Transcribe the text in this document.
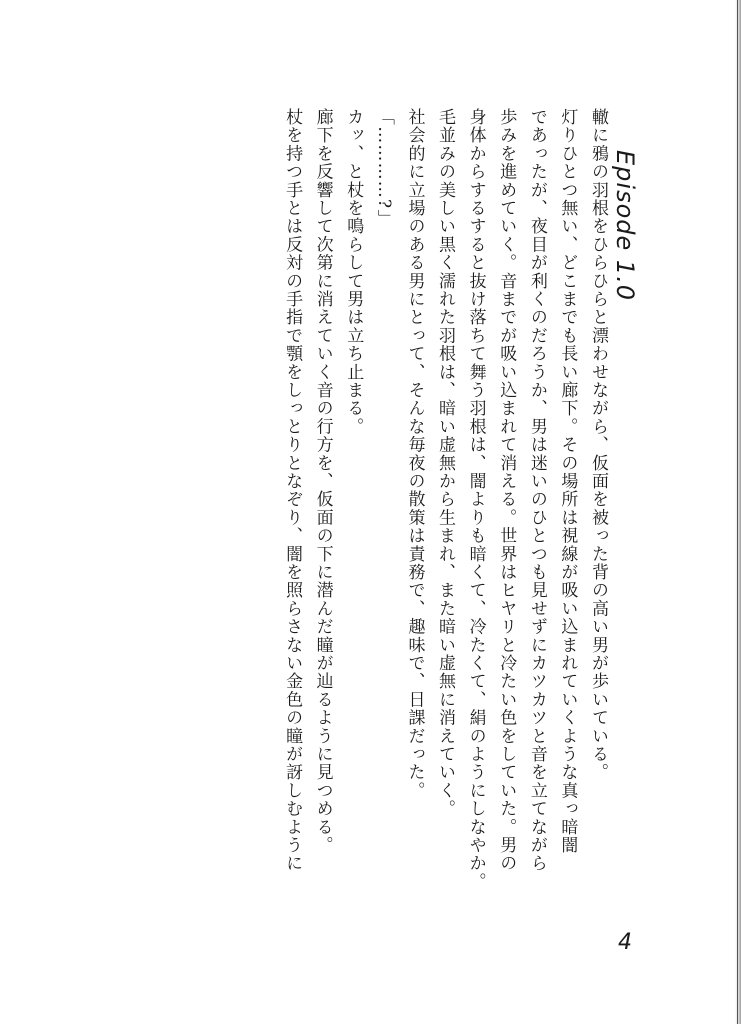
Episode 1.0
轍に鴉の羽根をひらひらと漂わせながら、仮面を被った背の高い男が歩いている。
灯りひとつ無い、どこまでも長い廊下。その場所は視線が吸い込まれていくような真っ暗闇
であったが、夜目が利くのだろうか、男は迷いのひとつも見せずにカツカツと音を立てながら
歩みを進めていく。音までが吸い込まれて消える。世界はヒヤリと冷たい色をしていた。男の
身体からするすると抜け落ちて舞う羽根は、闇よりも暗くて、冷たくて、絹のようにしなやか。
毛並みの美しい黒く濡れた羽根は、暗い虚無から生まれ、また暗い虚無に消えていく。
社会的に立場のある男にとって、そんな毎夜の散策は責務で、趣味で、日課だった。
「…………?」
カッ、と杖を鳴らして男は立ち止まる。
廊下を反響して次第に消えていく音の行方を、仮面の下に潜んだ瞳が辿るように見つめる。
杖を持つ手とは反対の手指で顎をしっとりとなぞり、闇を照らさない金色の瞳が訝しむように
4
